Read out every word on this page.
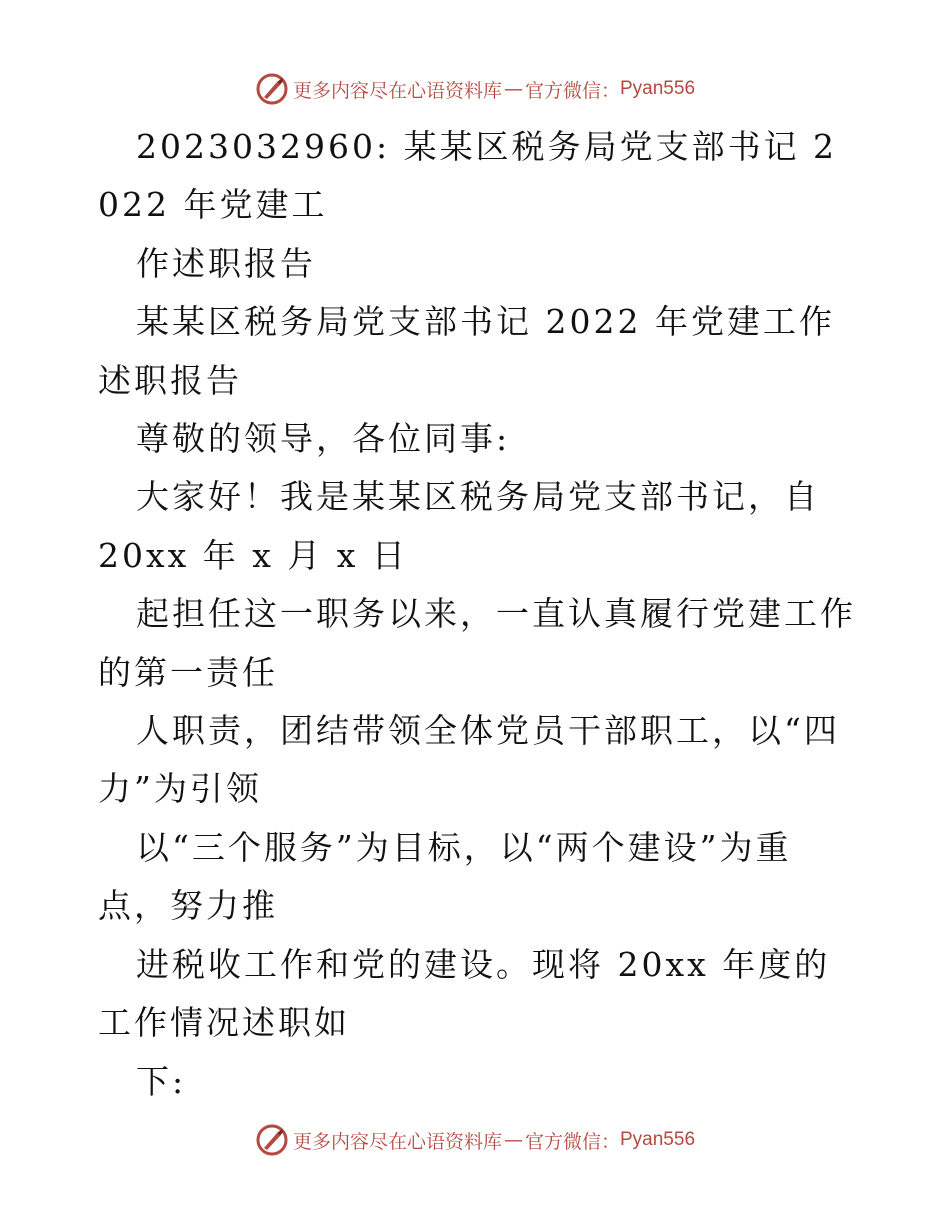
更多内容尽在心语资料库 — 官方微信： Pyan556

2023032960: 某某区税务局党支部书记 2022 年党建工

作述职报告

某某区税务局党支部书记 2022 年党建工作述职报告

尊敬的领导，各位同事:

大家好！我是某某区税务局党支部书记，自

20xx 年 x 月 x 日

起担任这一职务以来，一直认真履行党建工作的第一责任

人职责，团结带领全体党员干部职工，以“四力”为引领

以“三个服务”为目标，以“两个建设”为重点，努力推

进税收工作和党的建设。现将 20xx 年度的工作情况述职如

下:

更多内容尽在心语资料库 — 官方微信： Pyan556
